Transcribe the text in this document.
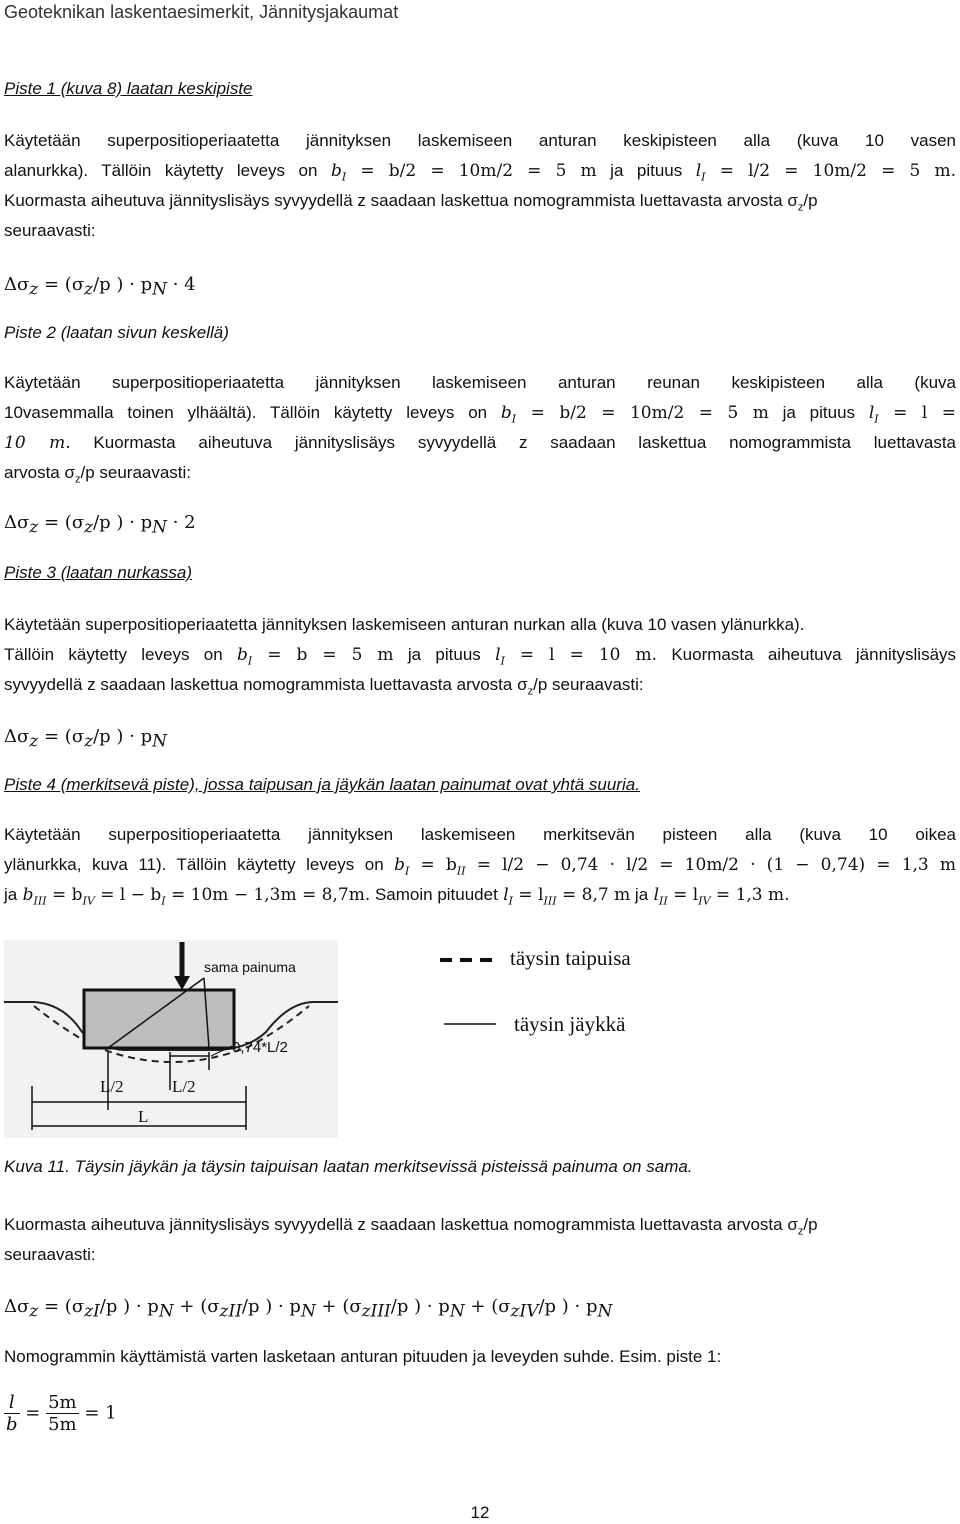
Geoteknikan laskentaesimerkit, Jännitysjakaumat
Piste 1 (kuva 8) laatan keskipiste
Käytetään superpositioperiaatetta jännityksen laskemiseen anturan keskipisteen alla (kuva 10 vasen
alanurkka). Tällöin käytetty leveys on $b_I = b/2 = 10m/2 = 5$ m ja pituus $l_I = l/2 = 10m/2 = 5$ m.
Kuormasta aiheutuva jännityslisäys syvyydellä z saadaan laskettua nomogrammista luettavasta arvosta $\sigma_z/p$
seuraavasti:
$\Delta\sigma_z = (\sigma_z/p$ ) · $p_N \cdot 4$
Piste 2 (laatan sivun keskellä)
Käytetään superpositioperiaatetta jännityksen laskemiseen anturan reunan keskipisteen alla (kuva
10vasemmalla toinen ylhäältä). Tällöin käytetty leveys on $b_I = b/2 = 10m/2 = 5$ m ja pituus $l_I = l$ =
10 m. Kuormasta aiheutuva jännityslisäys syvyydellä z saadaan laskettua nomogrammista luettavasta
arvosta $\sigma_z/p$ seuraavasti:
$\Delta\sigma_z = (\sigma_z/p$ ) · $p_N \cdot 2$
Piste 3 (laatan nurkassa)
Käytetään superpositioperiaatetta jännityksen laskemiseen anturan nurkan alla (kuva 10 vasen ylänurkka).
Tällöin käytetty leveys on $b_I = b = 5$ m ja pituus $l_I = l = 10$ m. Kuormasta aiheutuva jännityslisäys
syvyydellä z saadaan laskettua nomogrammista luettavasta arvosta $\sigma_z/p$ seuraavasti:
$\Delta\sigma_z = (\sigma_z/p$ ) · $p_N$
Piste 4 (merkitsevä piste), jossa taipusan ja jäykän laatan painumat ovat yhtä suuria.
Käytetään superpositioperiaatetta jännityksen laskemiseen merkitsevän pisteen alla (kuva 10 oikea
ylänurkka, kuva 11). Tällöin käytetty leveys on $b_I = b_{II} = l/2 - 0,74 \cdot l/2 = 10m/2 \cdot (1 - 0,74) = 1,3$ m
ja $b_{III} = b_{IV} = l - b_I = 10m - 1,3m = 8,7m$. Samoin pituudet $l_I = l_{III} = 8,7$ m ja $l_{II} = l_{IV} = 1,3$ m.
sama painuma
0,74*L/2
L/2	L/2
L
täysin taipuisa
täysin jäykkä
Kuva 11. Täysin jäykän ja täysin taipuisan laatan merkitsevissä pisteissä painuma on sama.
Kuormasta aiheutuva jännityslisäys syvyydellä z saadaan laskettua nomogrammista luettavasta arvosta $\sigma_z/p$
seuraavasti:
$\Delta\sigma_z = (\sigma_{zI}/p$ ) · $p_N + (\sigma_{zII}/p$ ) · $p_N + (\sigma_{zIII}/p$ ) · $p_N + (\sigma_{zIV}/p$ ) · $p_N$
Nomogrammin käyttämistä varten lasketaan anturan pituuden ja leveyden suhde. Esim. piste 1:
$\frac{l}{b} = \frac{5m}{5m} = 1$
12
